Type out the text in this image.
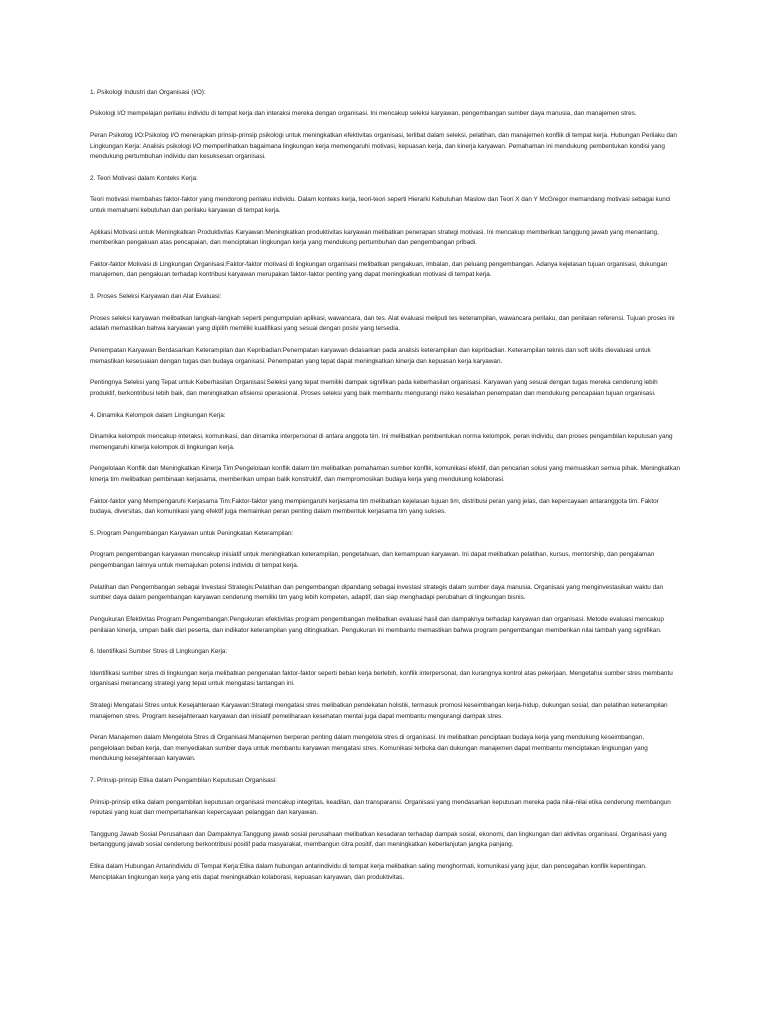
1. Psikologi Industri dan Organisasi (I/O):

Psikologi I/O mempelajari perilaku individu di tempat kerja dan interaksi mereka dengan organisasi. Ini mencakup seleksi karyawan, pengembangan sumber daya manusia, dan manajemen stres.

Peran Psikolog I/O:Psikolog I/O menerapkan prinsip-prinsip psikologi untuk meningkatkan efektivitas organisasi, terlibat dalam seleksi, pelatihan, dan manajemen konflik di tempat kerja. Hubungan Perilaku dan Lingkungan Kerja: Analisis psikologi I/O memperlihatkan bagaimana lingkungan kerja memengaruhi motivasi, kepuasan kerja, dan kinerja karyawan. Pemahaman ini mendukung pembentukan kondisi yang mendukung pertumbuhan individu dan kesuksesan organisasi.

2. Teori Motivasi dalam Konteks Kerja:

Teori motivasi membahas faktor-faktor yang mendorong perilaku individu. Dalam konteks kerja, teori-teori seperti Hierarki Kebutuhan Maslow dan Teori X dan Y McGregor memandang motivasi sebagai kunci untuk memahami kebutuhan dan perilaku karyawan di tempat kerja.

Aplikasi Motivasi untuk Meningkatkan Produktivitas Karyawan:Meningkatkan produktivitas karyawan melibatkan penerapan strategi motivasi. Ini mencakup memberikan tanggung jawab yang menantang, memberikan pengakuan atas pencapaian, dan menciptakan lingkungan kerja yang mendukung pertumbuhan dan pengembangan pribadi.

Faktor-faktor Motivasi di Lingkungan Organisasi:Faktor-faktor motivasi di lingkungan organisasi melibatkan pengakuan, imbalan, dan peluang pengembangan. Adanya kejelasan tujuan organisasi, dukungan manajemen, dan pengakuan terhadap kontribusi karyawan merupakan faktor-faktor penting yang dapat meningkatkan motivasi di tempat kerja.

3. Proses Seleksi Karyawan dan Alat Evaluasi:

Proses seleksi karyawan melibatkan langkah-langkah seperti pengumpulan aplikasi, wawancara, dan tes. Alat evaluasi meliputi tes keterampilan, wawancara perilaku, dan penilaian referensi. Tujuan proses ini adalah memastikan bahwa karyawan yang dipilih memiliki kualifikasi yang sesuai dengan posisi yang tersedia.

Penempatan Karyawan Berdasarkan Keterampilan dan Kepribadian:Penempatan karyawan didasarkan pada analisis keterampilan dan kepribadian. Keterampilan teknis dan soft skills dievaluasi untuk memastikan kesesuaian dengan tugas dan budaya organisasi. Penempatan yang tepat dapat meningkatkan kinerja dan kepuasan kerja karyawan.

Pentingnya Seleksi yang Tepat untuk Keberhasilan Organisasi:Seleksi yang tepat memiliki dampak signifikan pada keberhasilan organisasi. Karyawan yang sesuai dengan tugas mereka cenderung lebih produktif, berkontribusi lebih baik, dan meningkatkan efisiensi operasional. Proses seleksi yang baik membantu mengurangi risiko kesalahan penempatan dan mendukung pencapaian tujuan organisasi.

4. Dinamika Kelompok dalam Lingkungan Kerja:

Dinamika kelompok mencakup interaksi, komunikasi, dan dinamika interpersonal di antara anggota tim. Ini melibatkan pembentukan norma kelompok, peran individu, dan proses pengambilan keputusan yang memengaruhi kinerja kelompok di lingkungan kerja.

Pengelolaan Konflik dan Meningkatkan Kinerja Tim:Pengelolaan konflik dalam tim melibatkan pemahaman sumber konflik, komunikasi efektif, dan pencarian solusi yang memuaskan semua pihak. Meningkatkan kinerja tim melibatkan pembinaan kerjasama, memberikan umpan balik konstruktif, dan mempromosikan budaya kerja yang mendukung kolaborasi.

Faktor-faktor yang Mempengaruhi Kerjasama Tim:Faktor-faktor yang mempengaruhi kerjasama tim melibatkan kejelasan tujuan tim, distribusi peran yang jelas, dan kepercayaan antaranggota tim. Faktor budaya, diversitas, dan komunikasi yang efektif juga memainkan peran penting dalam membentuk kerjasama tim yang sukses.

5. Program Pengembangan Karyawan untuk Peningkatan Keterampilan:

Program pengembangan karyawan mencakup inisiatif untuk meningkatkan keterampilan, pengetahuan, dan kemampuan karyawan. Ini dapat melibatkan pelatihan, kursus, mentorship, dan pengalaman pengembangan lainnya untuk memajukan potensi individu di tempat kerja.

Pelatihan dan Pengembangan sebagai Investasi Strategis:Pelatihan dan pengembangan dipandang sebagai investasi strategis dalam sumber daya manusia. Organisasi yang menginvestasikan waktu dan sumber daya dalam pengembangan karyawan cenderung memiliki tim yang lebih kompeten, adaptif, dan siap menghadapi perubahan di lingkungan bisnis.

Pengukuran Efektivitas Program Pengembangan:Pengukuran efektivitas program pengembangan melibatkan evaluasi hasil dan dampaknya terhadap karyawan dan organisasi. Metode evaluasi mencakup penilaian kinerja, umpan balik dari peserta, dan indikator keterampilan yang ditingkatkan. Pengukuran ini membantu memastikan bahwa program pengembangan memberikan nilai tambah yang signifikan.

6. Identifikasi Sumber Stres di Lingkungan Kerja:

Identifikasi sumber stres di lingkungan kerja melibatkan pengenalan faktor-faktor seperti beban kerja berlebih, konflik interpersonal, dan kurangnya kontrol atas pekerjaan. Mengetahui sumber stres membantu organisasi merancang strategi yang tepat untuk mengatasi tantangan ini.

Strategi Mengatasi Stres untuk Kesejahteraan Karyawan:Strategi mengatasi stres melibatkan pendekatan holistik, termasuk promosi keseimbangan kerja-hidup, dukungan sosial, dan pelatihan keterampilan manajemen stres. Program kesejahteraan karyawan dan inisiatif pemeliharaan kesehatan mental juga dapat membantu mengurangi dampak stres.

Peran Manajemen dalam Mengelola Stres di Organisasi:Manajemen berperan penting dalam mengelola stres di organisasi. Ini melibatkan penciptaan budaya kerja yang mendukung keseimbangan, pengelolaan beban kerja, dan menyediakan sumber daya untuk membantu karyawan mengatasi stres. Komunikasi terbuka dan dukungan manajemen dapat membantu menciptakan lingkungan yang mendukung kesejahteraan karyawan.

7. Prinsip-prinsip Etika dalam Pengambilan Keputusan Organisasi:

Prinsip-prinsip etika dalam pengambilan keputusan organisasi mencakup integritas, keadilan, dan transparansi. Organisasi yang mendasarkan keputusan mereka pada nilai-nilai etika cenderung membangun reputasi yang kuat dan mempertahankan kepercayaan pelanggan dan karyawan.

Tanggung Jawab Sosial Perusahaan dan Dampaknya:Tanggung jawab sosial perusahaan melibatkan kesadaran terhadap dampak sosial, ekonomi, dan lingkungan dari aktivitas organisasi. Organisasi yang bertanggung jawab sosial cenderung berkontribusi positif pada masyarakat, membangun citra positif, dan meningkatkan keberlanjutan jangka panjang.

Etika dalam Hubungan Antarindividu di Tempat Kerja:Etika dalam hubungan antarindividu di tempat kerja melibatkan saling menghormati, komunikasi yang jujur, dan pencegahan konflik kepentingan. Menciptakan lingkungan kerja yang etis dapat meningkatkan kolaborasi, kepuasan karyawan, dan produktivitas.
